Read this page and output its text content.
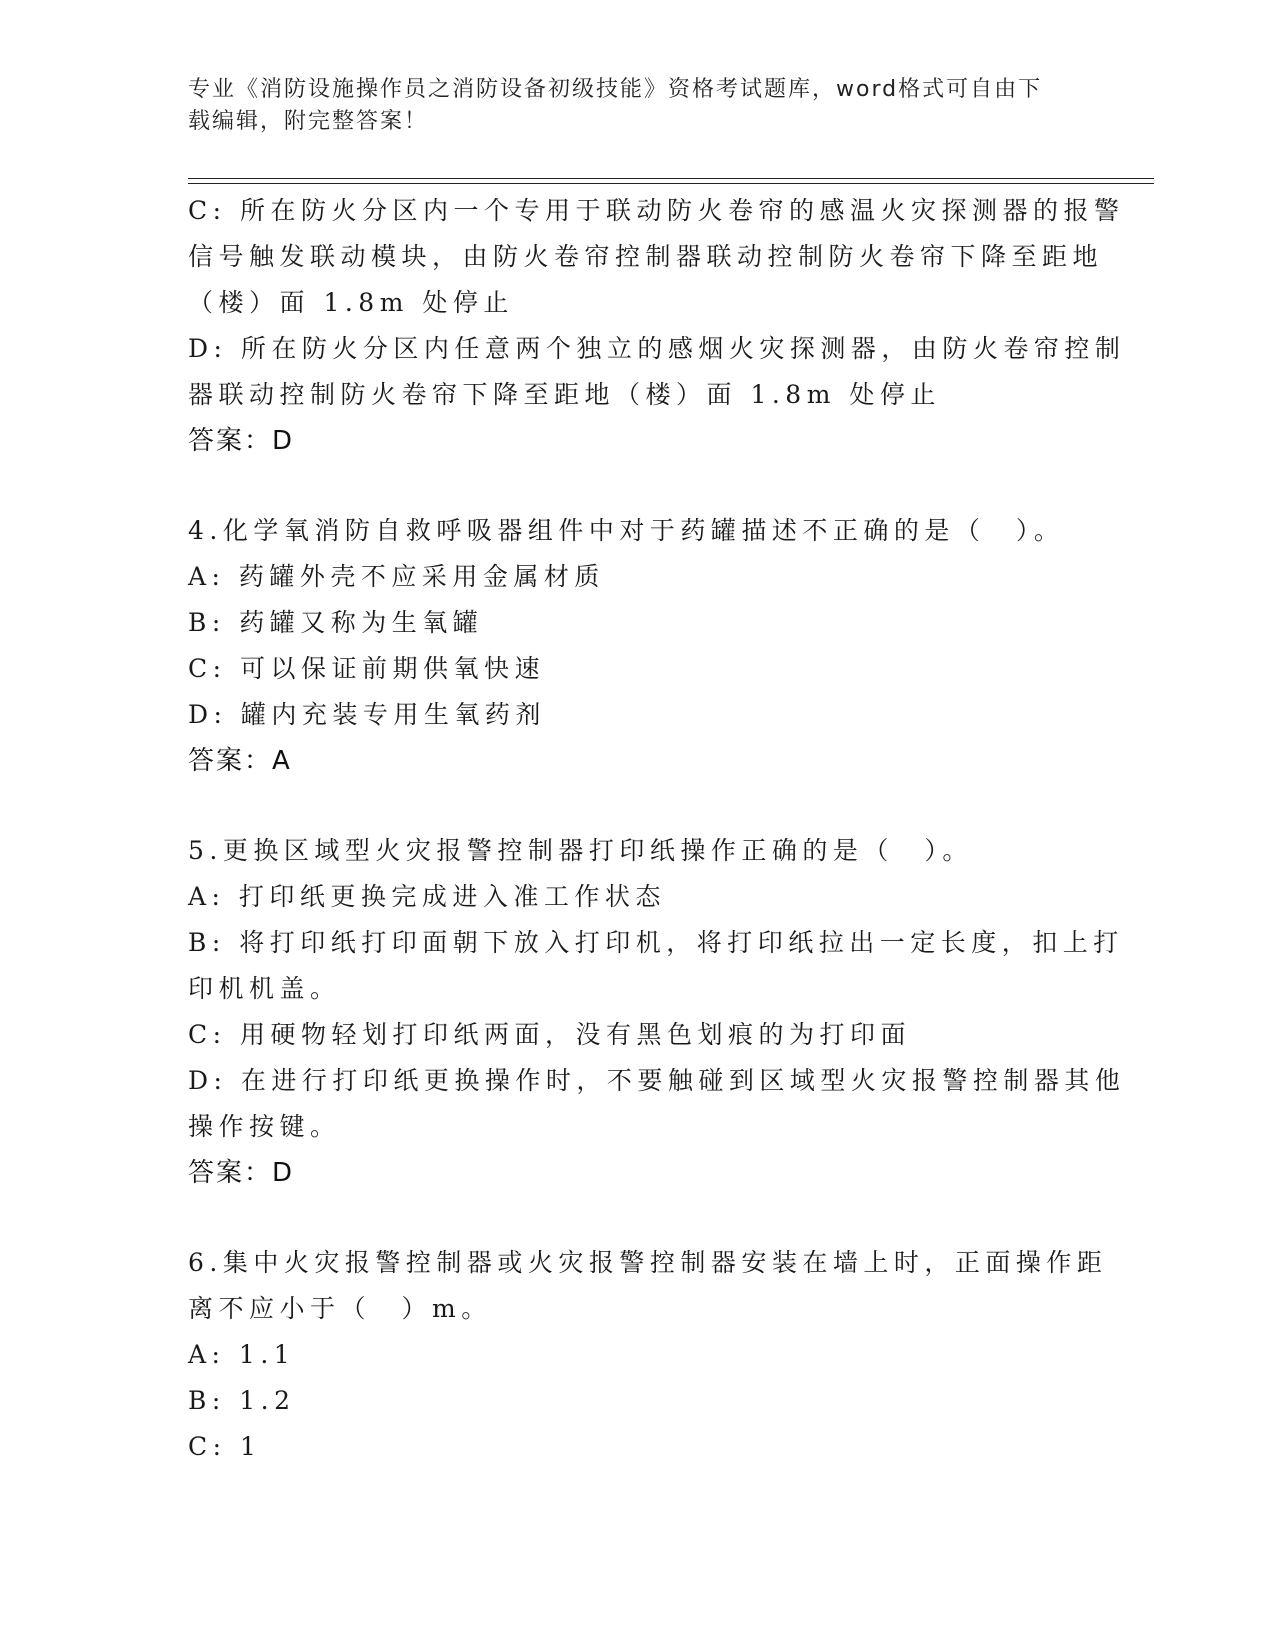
专业《消防设施操作员之消防设备初级技能》资格考试题库，word格式可自由下
载编辑，附完整答案！
C: 所在防火分区内一个专用于联动防火卷帘的感温火灾探测器的报警
信号触发联动模块，由防火卷帘控制器联动控制防火卷帘下降至距地
（楼）面 1.8m 处停止
D: 所在防火分区内任意两个独立的感烟火灾探测器，由防火卷帘控制
器联动控制防火卷帘下降至距地（楼）面 1.8m 处停止
答案：D
4.化学氧消防自救呼吸器组件中对于药罐描述不正确的是（　）。
A: 药罐外壳不应采用金属材质
B: 药罐又称为生氧罐
C: 可以保证前期供氧快速
D: 罐内充装专用生氧药剂
答案：A
5.更换区域型火灾报警控制器打印纸操作正确的是（　）。
A: 打印纸更换完成进入准工作状态
B: 将打印纸打印面朝下放入打印机，将打印纸拉出一定长度，扣上打
印机机盖。
C: 用硬物轻划打印纸两面，没有黑色划痕的为打印面
D: 在进行打印纸更换操作时，不要触碰到区域型火灾报警控制器其他
操作按键。
答案：D
6.集中火灾报警控制器或火灾报警控制器安装在墙上时，正面操作距
离不应小于（　）m。
A: 1.1
B: 1.2
C: 1
